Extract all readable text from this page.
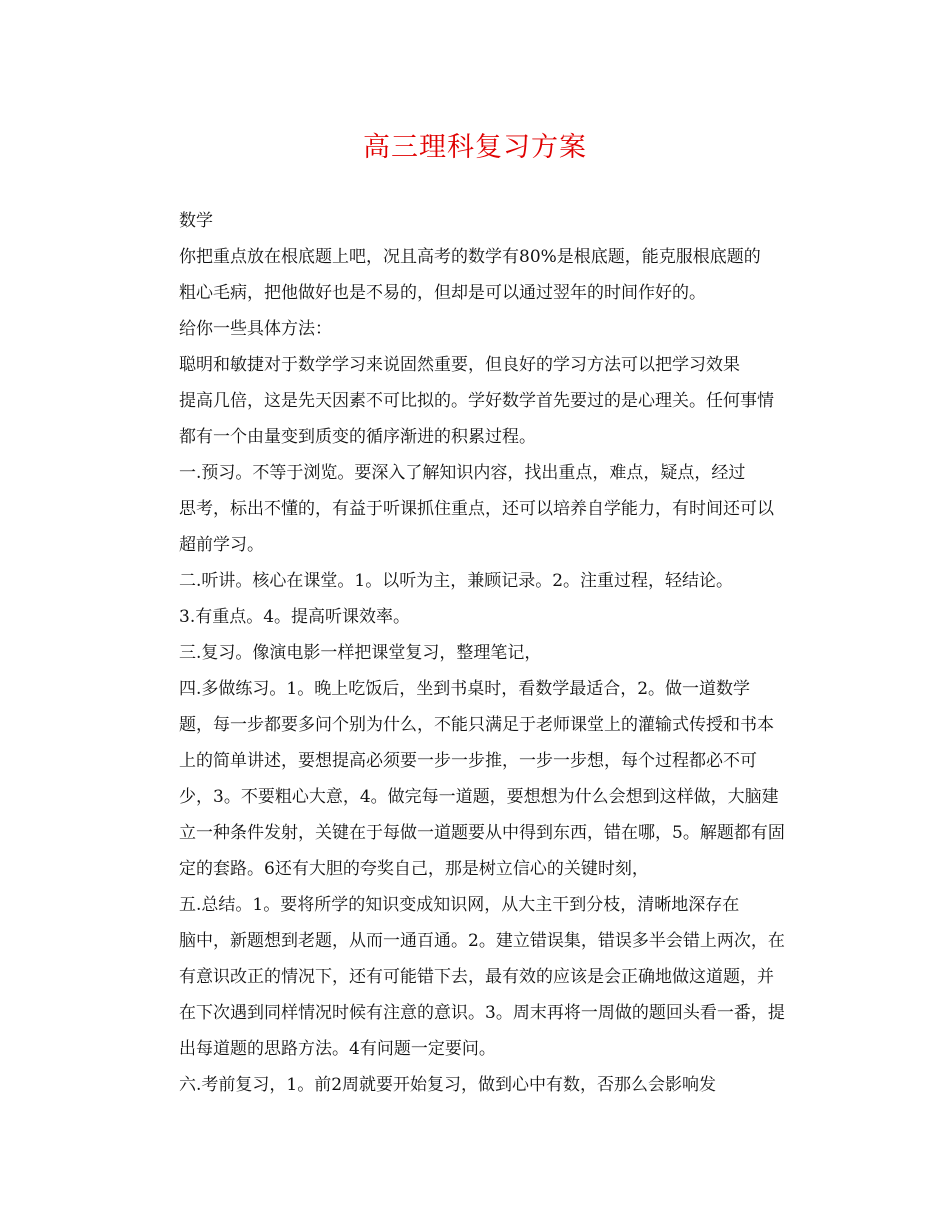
高三理科复习方案

数学

你把重点放在根底题上吧，况且高考的数学有80%是根底题，能克服根底题的
粗心毛病，把他做好也是不易的，但却是可以通过翌年的时间作好的。

给你一些具体方法：

聪明和敏捷对于数学学习来说固然重要，但良好的学习方法可以把学习效果
提高几倍，这是先天因素不可比拟的。学好数学首先要过的是心理关。任何事情
都有一个由量变到质变的循序渐进的积累过程。

一.预习。不等于浏览。要深入了解知识内容，找出重点，难点，疑点，经过
思考，标出不懂的，有益于听课抓住重点，还可以培养自学能力，有时间还可以
超前学习。

二.听讲。核心在课堂。1。以听为主，兼顾记录。2。注重过程，轻结论。
3.有重点。4。提高听课效率。

三.复习。像演电影一样把课堂复习，整理笔记，

四.多做练习。1。晚上吃饭后，坐到书桌时，看数学最适合，2。做一道数学
题，每一步都要多问个别为什么，不能只满足于老师课堂上的灌输式传授和书本
上的简单讲述，要想提高必须要一步一步推，一步一步想，每个过程都必不可
少，3。不要粗心大意，4。做完每一道题，要想想为什么会想到这样做，大脑建
立一种条件发射，关键在于每做一道题要从中得到东西，错在哪，5。解题都有固
定的套路。6还有大胆的夸奖自己，那是树立信心的关键时刻，

五.总结。1。要将所学的知识变成知识网，从大主干到分枝，清晰地深存在
脑中，新题想到老题，从而一通百通。2。建立错误集，错误多半会错上两次，在
有意识改正的情况下，还有可能错下去，最有效的应该是会正确地做这道题，并
在下次遇到同样情况时候有注意的意识。3。周末再将一周做的题回头看一番，提
出每道题的思路方法。4有问题一定要问。

六.考前复习，1。前2周就要开始复习，做到心中有数，否那么会影响发
